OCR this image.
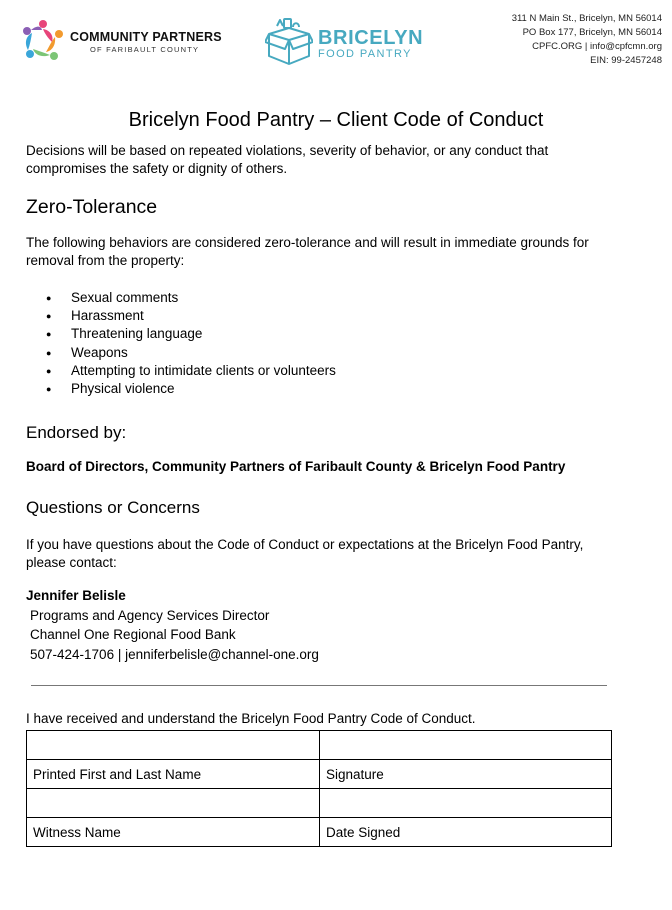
COMMUNITY PARTNERS
OF FARIBAULT COUNTY
BRICELYN
FOOD PANTRY
311 N Main St., Bricelyn, MN 56014
PO Box 177, Bricelyn, MN 56014
CPFC.ORG | info@cpfcmn.org
EIN: 99-2457248
Bricelyn Food Pantry – Client Code of Conduct
Decisions will be based on repeated violations, severity of behavior, or any conduct that compromises the safety or dignity of others.
Zero-Tolerance
The following behaviors are considered zero-tolerance and will result in immediate grounds for removal from the property:
● Sexual comments
● Harassment
● Threatening language
● Weapons
● Attempting to intimidate clients or volunteers
● Physical violence
Endorsed by:
Board of Directors, Community Partners of Faribault County & Bricelyn Food Pantry
Questions or Concerns
If you have questions about the Code of Conduct or expectations at the Bricelyn Food Pantry, please contact:
Jennifer Belisle
Programs and Agency Services Director
Channel One Regional Food Bank
507-424-1706 | jenniferbelisle@channel-one.org
I have received and understand the Bricelyn Food Pantry Code of Conduct.

Printed First and Last Name	Signature

Witness Name	Date Signed
